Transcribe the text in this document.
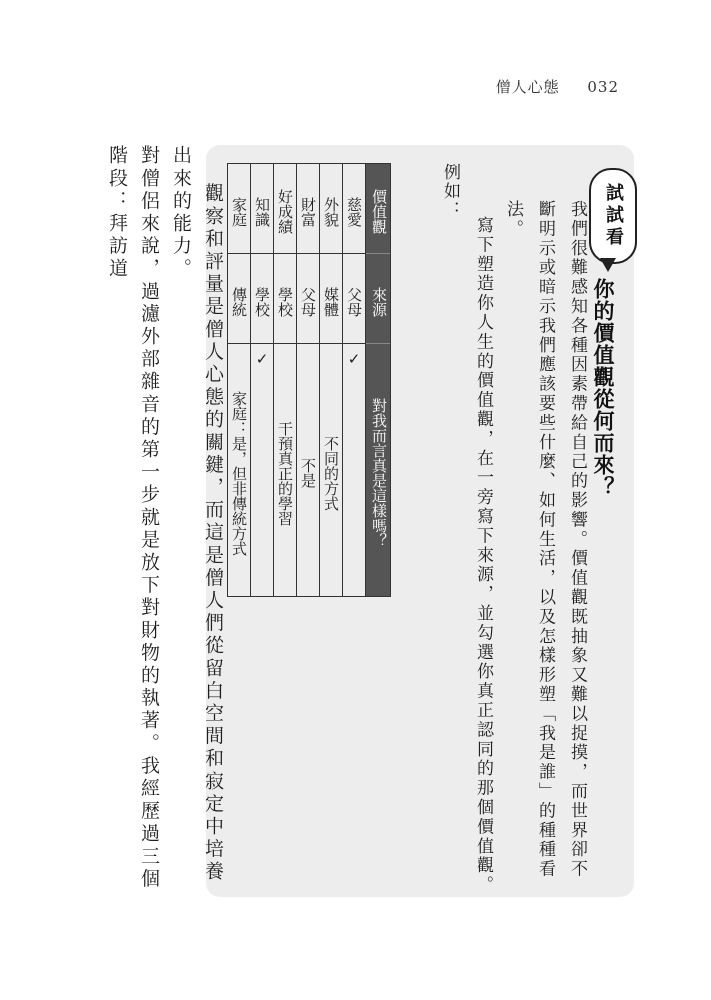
僧人心態 032
試試看
你的價值觀從何而來？
我們很難感知各種因素帶給自己的影響。價值觀既抽象又難以捉摸，而世界卻不斷明示或暗示我們應該要些什麼、如何生活，以及怎樣形塑「我是誰」的種種看法。
寫下塑造你人生的價值觀，在一旁寫下來源，並勾選你真正認同的那個價值觀。
例如：
價值觀
來源
對我而言真是這樣嗎？
慈愛
父母
✓
外貌
媒體
不同的方式
財富
父母
不是
好成績
學校
干預真正的學習
知識
學校
✓
家庭
傳統
家庭：是，但非傳統方式

觀察和評量是僧人心態的關鍵，而這是僧人們從留白空間和寂定中培養出來的能力。

對僧侶來說，過濾外部雜音的第一步就是放下對財物的執著。我經歷過三個階段：拜訪道
